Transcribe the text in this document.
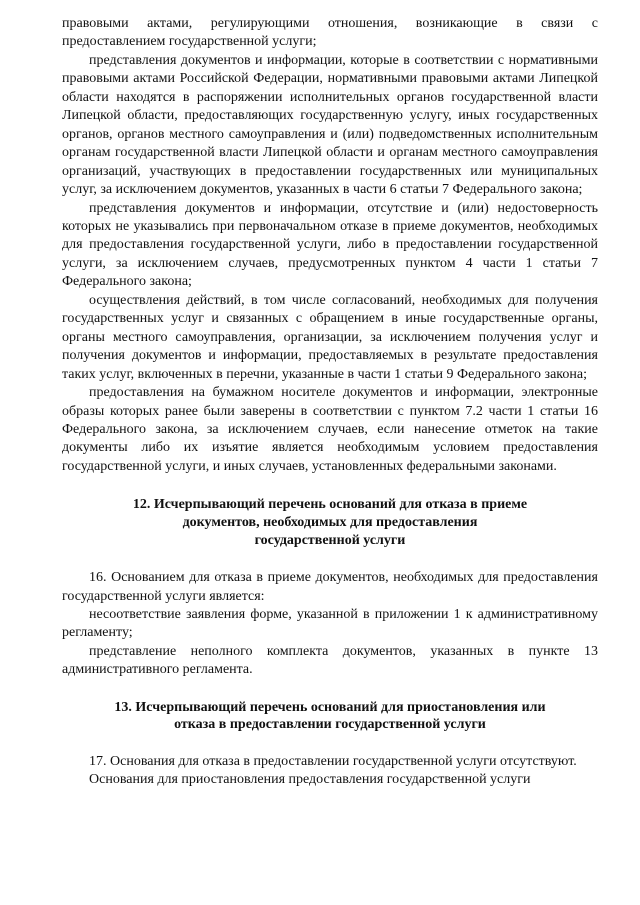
правовыми актами, регулирующими отношения, возникающие в связи с предоставлением государственной услуги;

представления документов и информации, которые в соответствии с нормативными правовыми актами Российской Федерации, нормативными правовыми актами Липецкой области находятся в распоряжении исполнительных органов государственной власти Липецкой области, предоставляющих государственную услугу, иных государственных органов, органов местного самоуправления и (или) подведомственных исполнительным органам государственной власти Липецкой области и органам местного самоуправления организаций, участвующих в предоставлении государственных или муниципальных услуг, за исключением документов, указанных в части 6 статьи 7 Федерального закона;

представления документов и информации, отсутствие и (или) недостоверность которых не указывались при первоначальном отказе в приеме документов, необходимых для предоставления государственной услуги, либо в предоставлении государственной услуги, за исключением случаев, предусмотренных пунктом 4 части 1 статьи 7 Федерального закона;

осуществления действий, в том числе согласований, необходимых для получения государственных услуг и связанных с обращением в иные государственные органы, органы местного самоуправления, организации, за исключением получения услуг и получения документов и информации, предоставляемых в результате предоставления таких услуг, включенных в перечни, указанные в части 1 статьи 9 Федерального закона;

предоставления на бумажном носителе документов и информации, электронные образы которых ранее были заверены в соответствии с пунктом 7.2 части 1 статьи 16 Федерального закона, за исключением случаев, если нанесение отметок на такие документы либо их изъятие является необходимым условием предоставления государственной услуги, и иных случаев, установленных федеральными законами.

12. Исчерпывающий перечень оснований для отказа в приеме
документов, необходимых для предоставления
государственной услуги

16. Основанием для отказа в приеме документов, необходимых для предоставления государственной услуги является:

несоответствие заявления форме, указанной в приложении 1 к административному регламенту;

представление неполного комплекта документов, указанных в пункте 13 административного регламента.

13. Исчерпывающий перечень оснований для приостановления или
отказа в предоставлении государственной услуги

17. Основания для отказа в предоставлении государственной услуги отсутствуют.

Основания для приостановления предоставления государственной услуги
